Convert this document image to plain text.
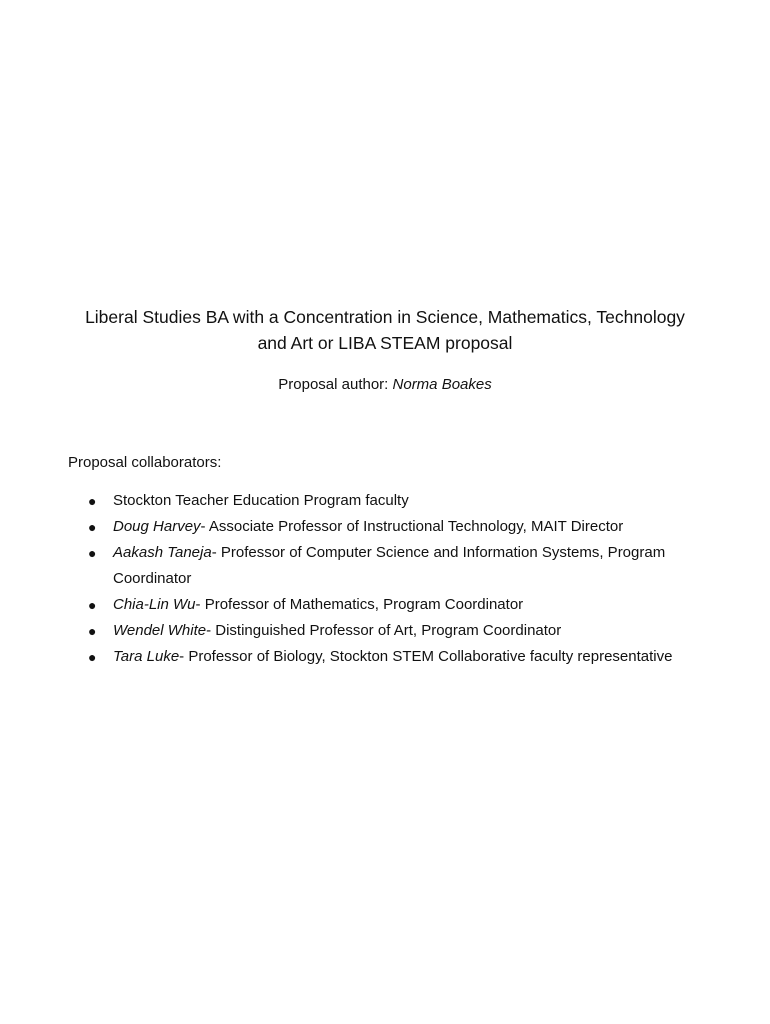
Liberal Studies BA with a Concentration in Science, Mathematics, Technology
and Art or LIBA STEAM proposal
Proposal author: Norma Boakes
Proposal collaborators:
● Stockton Teacher Education Program faculty
● Doug Harvey- Associate Professor of Instructional Technology, MAIT Director
● Aakash Taneja- Professor of Computer Science and Information Systems, Program Coordinator
● Chia-Lin Wu- Professor of Mathematics, Program Coordinator
● Wendel White- Distinguished Professor of Art, Program Coordinator
● Tara Luke- Professor of Biology, Stockton STEM Collaborative faculty representative
